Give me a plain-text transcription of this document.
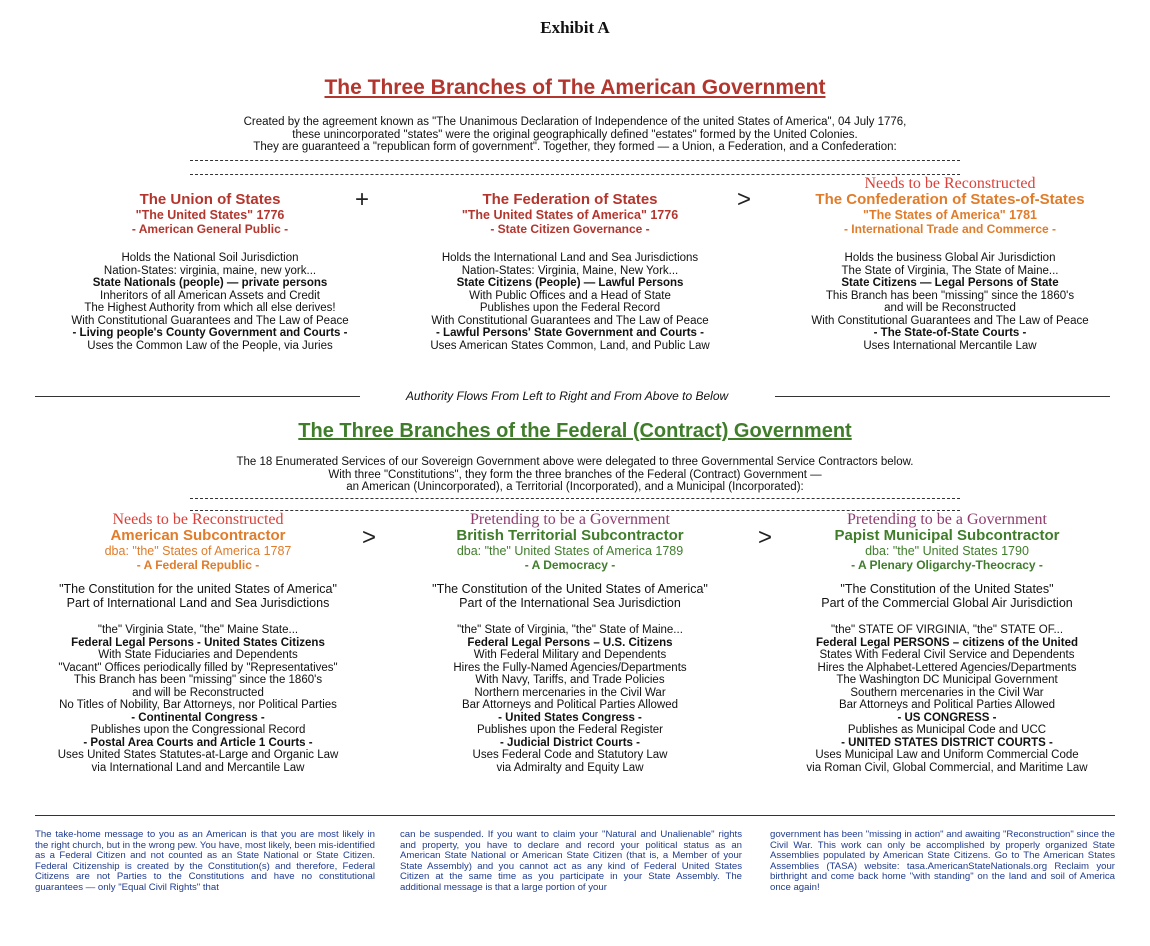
Exhibit A
The Three Branches of The American Government
Created by the agreement known as "The Unanimous Declaration of Independence of the united States of America", 04 July 1776,
these unincorporated "states" were the original geographically defined "estates" formed by the United Colonies.
They are guaranteed a "republican form of government". Together, they formed — a Union, a Federation, and a Confederation:
The Union of States
"The United States" 1776
- American General Public -
Holds the National Soil Jurisdiction
Nation-States: virginia, maine, new york...
State Nationals (people) — private persons
Inheritors of all American Assets and Credit
The Highest Authority from which all else derives!
With Constitutional Guarantees and The Law of Peace
- Living people's County Government and Courts -
Uses the Common Law of the People, via Juries
+	The Federation of States
"The United States of America" 1776
- State Citizen Governance -
Holds the International Land and Sea Jurisdictions
Nation-States: Virginia, Maine, New York...
State Citizens (People) — Lawful Persons
With Public Offices and a Head of State
Publishes upon the Federal Record
With Constitutional Guarantees and The Law of Peace
- Lawful Persons' State Government and Courts -
Uses American States Common, Land, and Public Law
>
Needs to be Reconstructed
The Confederation of States-of-States
"The States of America" 1781
- International Trade and Commerce -
Holds the business Global Air Jurisdiction
The State of Virginia, The State of Maine...
State Citizens — Legal Persons of State
This Branch has been "missing" since the 1860's
and will be Reconstructed
With Constitutional Guarantees and The Law of Peace
- The State-of-State Courts -
Uses International Mercantile Law
Authority Flows From Left to Right and From Above to Below
The Three Branches of the Federal (Contract) Government
The 18 Enumerated Services of our Sovereign Government above were delegated to three Governmental Service Contractors below.
With three "Constitutions", they form the three branches of the Federal (Contract) Government —
an American (Unincorporated), a Territorial (Incorporated), and a Municipal (Incorporated):
Needs to be Reconstructed
American Subcontractor
dba: "the" States of America 1787
- A Federal Republic -
"The Constitution for the united States of America"
Part of International Land and Sea Jurisdictions
"the" Virginia State, "the" Maine State...
Federal Legal Persons - United States Citizens
With State Fiduciaries and Dependents
"Vacant" Offices periodically filled by "Representatives"
This Branch has been "missing" since the 1860's
and will be Reconstructed
No Titles of Nobility, Bar Attorneys, nor Political Parties
- Continental Congress -
Publishes upon the Congressional Record
- Postal Area Courts and Article 1 Courts -
Uses United States Statutes-at-Large and Organic Law
via International Land and Mercantile Law
>
Pretending to be a Government
British Territorial Subcontractor
dba: "the" United States of America 1789
- A Democracy -
"The Constitution of the United States of America"
Part of the International Sea Jurisdiction
"the" State of Virginia, "the" State of Maine...
Federal Legal Persons – U.S. Citizens
With Federal Military and Dependents
Hires the Fully-Named Agencies/Departments
With Navy, Tariffs, and Trade Policies
Northern mercenaries in the Civil War
Bar Attorneys and Political Parties Allowed
- United States Congress -
Publishes upon the Federal Register
- Judicial District Courts -
Uses Federal Code and Statutory Law
via Admiralty and Equity Law
>
Pretending to be a Government
Papist Municipal Subcontractor
dba: "the" United States 1790
- A Plenary Oligarchy-Theocracy -
"The Constitution of the United States"
Part of the Commercial Global Air Jurisdiction
"the" STATE OF VIRGINIA, "the" STATE OF...
Federal Legal PERSONS – citizens of the United
States With Federal Civil Service and Dependents
Hires the Alphabet-Lettered Agencies/Departments
The Washington DC Municipal Government
Southern mercenaries in the Civil War
Bar Attorneys and Political Parties Allowed
- US CONGRESS -
Publishes as Municipal Code and UCC
- UNITED STATES DISTRICT COURTS -
Uses Municipal Law and Uniform Commercial Code
via Roman Civil, Global Commercial, and Maritime Law
The take-home message to you as an American is that you are most likely in the right church, but in the wrong pew. You have, most likely, been mis-identified as a Federal Citizen and not counted as an State National or State Citizen. Federal Citizenship is created by the Constitution(s) and therefore, Federal Citizens are not Parties to the Constitutions and have no constitutional guarantees — only "Equal Civil Rights" that
can be suspended. If you want to claim your "Natural and Unalienable" rights and property, you have to declare and record your political status as an American State National or American State Citizen (that is, a Member of your State Assembly) and you cannot act as any kind of Federal United States Citizen at the same time as you participate in your State Assembly. The additional message is that a large portion of your
government has been "missing in action" and awaiting "Reconstruction" since the Civil War. This work can only be accomplished by properly organized State Assemblies populated by American State Citizens. Go to The American States Assemblies (TASA) website: tasa.AmericanStateNationals.org Reclaim your birthright and come back home "with standing" on the land and soil of America once again!
